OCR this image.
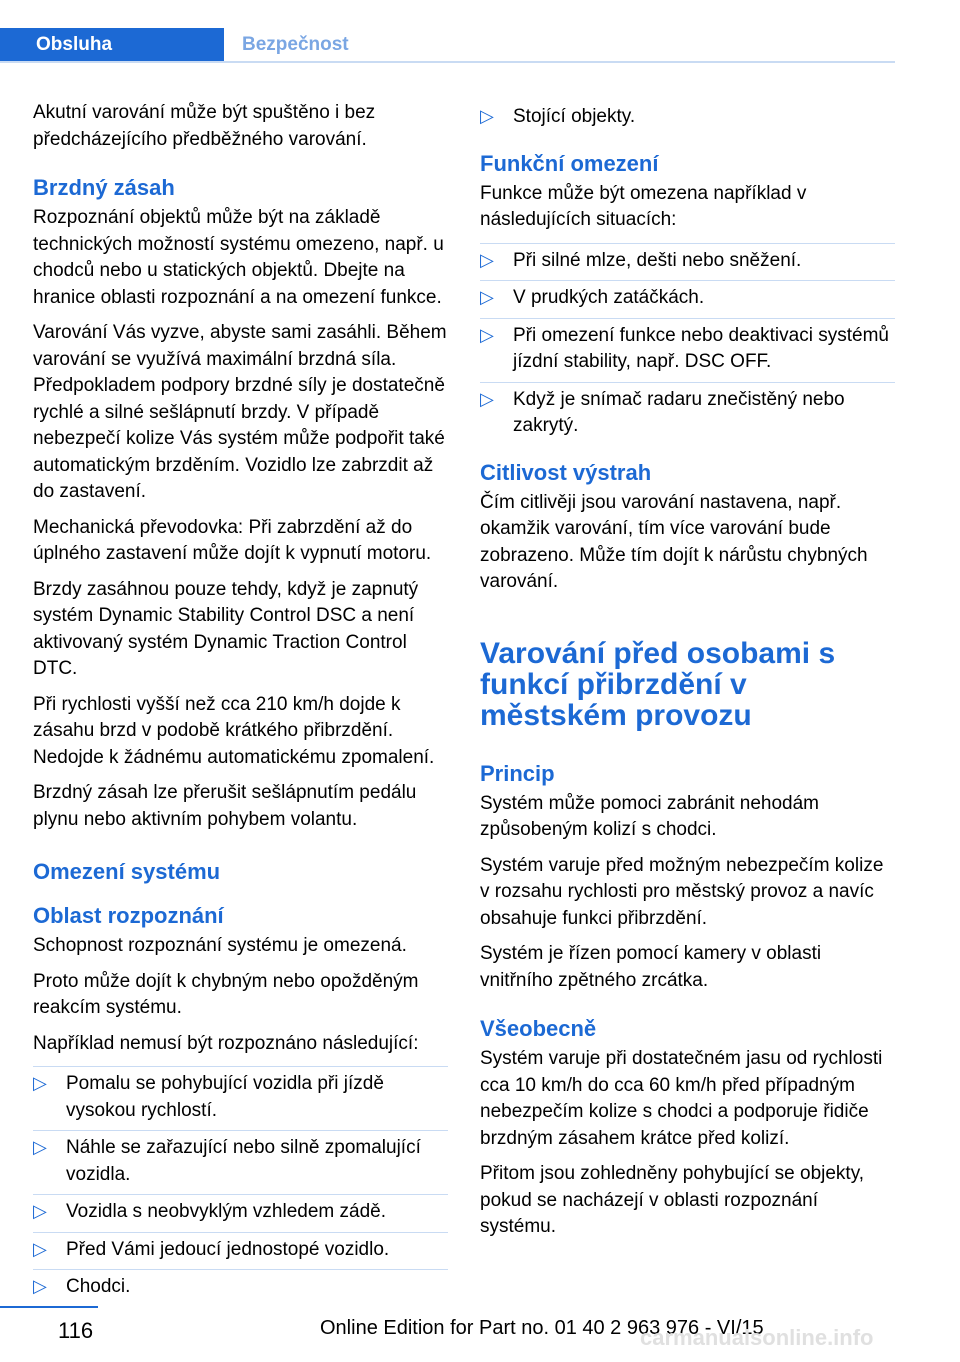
Obsluha	Bezpečnost

Akutní varování může být spuštěno i bez předcházejícího předběžného varování.

Brzdný zásah

Rozpoznání objektů může být na základě technických možností systému omezeno, např. u chodců nebo u statických objektů. Dbejte na hranice oblasti rozpoznání a na omezení funkce.

Varování Vás vyzve, abyste sami zasáhli. Během varování se využívá maximální brzdná síla. Předpokladem podpory brzdné síly je dostatečně rychlé a silné sešlápnutí brzdy. V případě nebezpečí kolize Vás systém může podpořit také automatickým brzděním. Vozidlo lze zabrzdit až do zastavení.

Mechanická převodovka: Při zabrzdění až do úplného zastavení může dojít k vypnutí motoru.

Brzdy zasáhnou pouze tehdy, když je zapnutý systém Dynamic Stability Control DSC a není aktivovaný systém Dynamic Traction Control DTC.

Při rychlosti vyšší než cca 210 km/h dojde k zásahu brzd v podobě krátkého přibrzdění. Nedojde k žádnému automatickému zpomalení.

Brzdný zásah lze přerušit sešlápnutím pedálu plynu nebo aktivním pohybem volantu.

Omezení systému
Oblast rozpoznání

Schopnost rozpoznání systému je omezená.

Proto může dojít k chybným nebo opožděným reakcím systému.

Například nemusí být rozpoznáno následující:

▷ Pomalu se pohybující vozidla při jízdě vysokou rychlostí.
▷ Náhle se zařazující nebo silně zpomalující vozidla.
▷ Vozidla s neobvyklým vzhledem zádě.
▷ Před Vámi jedoucí jednostopé vozidlo.
▷ Chodci.
▷ Stojící objekty.
Funkční omezení

Funkce může být omezena například v následujících situacích:

▷ Při silné mlze, dešti nebo sněžení.
▷ V prudkých zatáčkách.
▷ Při omezení funkce nebo deaktivaci systémů jízdní stability, např. DSC OFF.
▷ Když je snímač radaru znečistěný nebo zakrytý.
Citlivost výstrah

Čím citlivěji jsou varování nastavena, např. okamžik varování, tím více varování bude zobrazeno. Může tím dojít k nárůstu chybných varování.

Varování před osobami s funkcí přibrzdění v městském provozu
Princip

Systém může pomoci zabránit nehodám způsobeným kolizí s chodci.

Systém varuje před možným nebezpečím kolize v rozsahu rychlosti pro městský provoz a navíc obsahuje funkci přibrzdění.

Systém je řízen pomocí kamery v oblasti vnitřního zpětného zrcátka.

Všeobecně

Systém varuje při dostatečném jasu od rychlosti cca 10 km/h do cca 60 km/h před případným nebezpečím kolize s chodci a podporuje řidiče brzdným zásahem krátce před kolizí.

Přitom jsou zohledněny pohybující se objekty, pokud se nacházejí v oblasti rozpoznání systému.

116	Online Edition for Part no. 01 40 2 963 976 - VI/15
carmanualsonline.info
